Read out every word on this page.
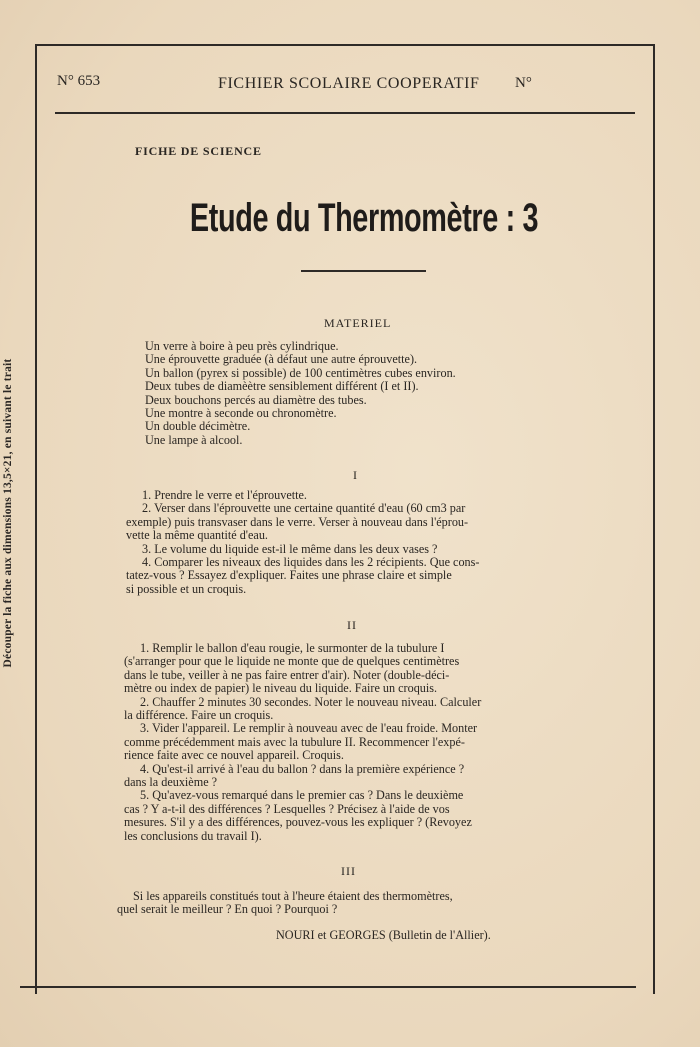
Découper la fiche aux dimensions 13,5×21, en suivant le trait
N° 653	FICHIER SCOLAIRE COOPERATIF N°
FICHE DE SCIENCE
Etude du Thermomètre : 3
MATERIEL
Un verre à boire à peu près cylindrique.
Une éprouvette graduée (à défaut une autre éprouvette).
Un ballon (pyrex si possible) de 100 centimètres cubes environ.
Deux tubes de diamèètre sensiblement différent (I et II).
Deux bouchons percés au diamètre des tubes.
Une montre à seconde ou chronomètre.
Un double décimètre.
Une lampe à alcool.
I
1. Prendre le verre et l'éprouvette.
2. Verser dans l'éprouvette une certaine quantité d'eau (60 cm3 par
exemple) puis transvaser dans le verre. Verser à nouveau dans l'éprou-
vette la même quantité d'eau.
3. Le volume du liquide est-il le même dans les deux vases ?
4. Comparer les niveaux des liquides dans les 2 récipients. Que cons-
tatez-vous ? Essayez d'expliquer. Faites une phrase claire et simple
si possible et un croquis.
II
1. Remplir le ballon d'eau rougie, le surmonter de la tubulure I
(s'arranger pour que le liquide ne monte que de quelques centimètres
dans le tube, veiller à ne pas faire entrer d'air). Noter (double-déci-
mètre ou index de papier) le niveau du liquide. Faire un croquis.
2. Chauffer 2 minutes 30 secondes. Noter le nouveau niveau. Calculer
la différence. Faire un croquis.
3. Vider l'appareil. Le remplir à nouveau avec de l'eau froide. Monter
comme précédemment mais avec la tubulure II. Recommencer l'expé-
rience faite avec ce nouvel appareil. Croquis.
4. Qu'est-il arrivé à l'eau du ballon ? dans la première expérience ?
dans la deuxième ?
5. Qu'avez-vous remarqué dans le premier cas ? Dans le deuxième
cas ? Y a-t-il des différences ? Lesquelles ? Précisez à l'aide de vos
mesures. S'il y a des différences, pouvez-vous les expliquer ? (Revoyez
les conclusions du travail I).
III
Si les appareils constitués tout à l'heure étaient des thermomètres,
quel serait le meilleur ? En quoi ? Pourquoi ?
NOURI et GEORGES (Bulletin de l'Allier).
